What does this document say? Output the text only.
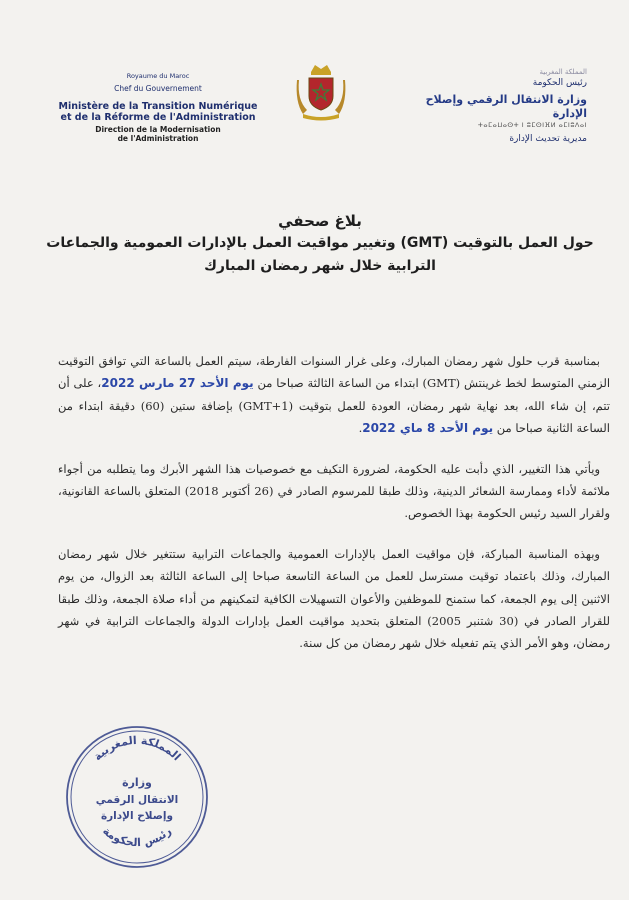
Royaume du Maroc
Chef du Gouvernement
Ministère de la Transition Numérique
et de la Réforme de l'Administration
Direction de la Modernisation
de l'Administration
المملكة المغربية
رئيس الحكومة
وزارة الانتقال الرقمي وإصلاح الإدارة
ⵜⴰⵎⴰⵡⴰⵙⵜ ⵏ ⵓⵎⵙⵏⴼⵍ ⴰⵎⵏⵓⴷⴰⵏ
مديرية تحديث الإدارة
بلاغ صحفي
حول العمل بالتوقيت (GMT) وتغيير مواقيت العمل بالإدارات العمومية والجماعات
الترابية خلال شهر رمضان المبارك

بمناسبة قرب حلول شهر رمضان المبارك، وعلى غرار السنوات الفارطة، سيتم العمل بالساعة التي توافق التوقيت الزمني المتوسط لخط غرينتش (GMT) ابتداء من الساعة الثالثة صباحا من يوم الأحد 27 مارس 2022، على أن تتم، إن شاء الله، بعد نهاية شهر رمضان، العودة للعمل بتوقيت (GMT+1) بإضافة ستين (60) دقيقة ابتداء من الساعة الثانية صباحا من يوم الأحد 8 ماي 2022.

ويأتي هذا التغيير، الذي دأبت عليه الحكومة، لضرورة التكيف مع خصوصيات هذا الشهر الأبرك وما يتطلبه من أجواء ملائمة لأداء وممارسة الشعائر الدينية، وذلك طبقا للمرسوم الصادر في (26 أكتوبر 2018) المتعلق بالساعة القانونية، ولقرار السيد رئيس الحكومة بهذا الخصوص.

وبهذه المناسبة المباركة، فإن مواقيت العمل بالإدارات العمومية والجماعات الترابية ستتغير خلال شهر رمضان المبارك، وذلك باعتماد توقيت مسترسل للعمل من الساعة التاسعة صباحا إلى الساعة الثالثة بعد الزوال، من يوم الاثنين إلى يوم الجمعة، كما ستمنح للموظفين والأعوان التسهيلات الكافية لتمكينهم من أداء صلاة الجمعة، وذلك طبقا للقرار الصادر في (30 شتنبر 2005) المتعلق بتحديد مواقيت العمل بإدارات الدولة والجماعات الترابية في شهر رمضان، وهو الأمر الذي يتم تفعيله خلال شهر رمضان من كل سنة.

المملكة المغربية
رئيس الحكومة
وزارة
الانتقال الرقمي
وإصلاح الإدارة
